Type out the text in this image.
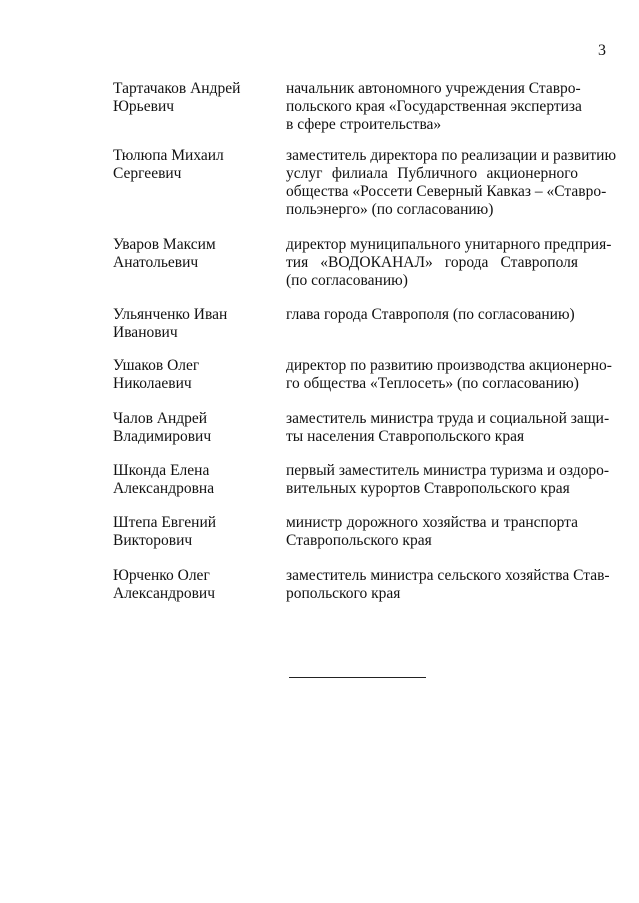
3
Тартачаков Андрей
Юрьевич
начальник автономного учреждения Ставро-
польского края «Государственная экспертиза
в сфере строительства»
Тюлюпа Михаил
Сергеевич
заместитель директора по реализации и развитию
услуг филиала Публичного акционерного
общества «Россети Северный Кавказ – «Ставро-
польэнерго» (по согласованию)
Уваров Максим
Анатольевич
директор муниципального унитарного предприя-
тия «ВОДОКАНАЛ» города Ставрополя
(по согласованию)
Ульянченко Иван
Иванович
глава города Ставрополя (по согласованию)
Ушаков Олег
Николаевич
директор по развитию производства акционерно-
го общества «Теплосеть» (по согласованию)
Чалов Андрей
Владимирович
заместитель министра труда и социальной защи-
ты населения Ставропольского края
Шконда Елена
Александровна
первый заместитель министра туризма и оздоро-
вительных курортов Ставропольского края
Штепа Евгений
Викторович
министр дорожного хозяйства и транспорта
Ставропольского края
Юрченко Олег
Александрович
заместитель министра сельского хозяйства Став-
ропольского края
